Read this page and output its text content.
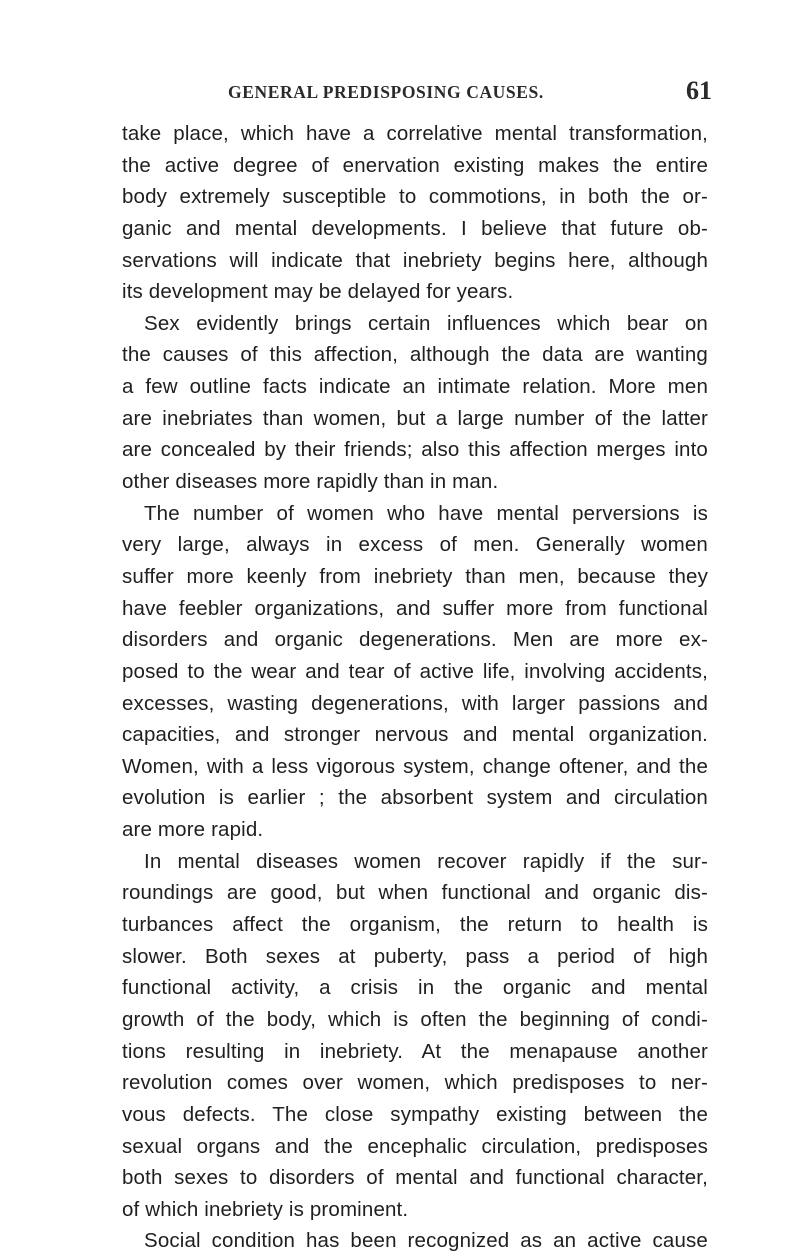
GENERAL PREDISPOSING CAUSES.	61
take place, which have a correlative mental transformation,
the active degree of enervation existing makes the entire
body extremely susceptible to commotions, in both the or-
ganic and mental developments. I believe that future ob-
servations will indicate that inebriety begins here, although
its development may be delayed for years.
Sex evidently brings certain influences which bear on
the causes of this affection, although the data are wanting
a few outline facts indicate an intimate relation. More men
are inebriates than women, but a large number of the latter
are concealed by their friends; also this affection merges into
other diseases more rapidly than in man.
The number of women who have mental perversions is
very large, always in excess of men. Generally women
suffer more keenly from inebriety than men, because they
have feebler organizations, and suffer more from functional
disorders and organic degenerations. Men are more ex-
posed to the wear and tear of active life, involving accidents,
excesses, wasting degenerations, with larger passions and
capacities, and stronger nervous and mental organization.
Women, with a less vigorous system, change oftener, and the
evolution is earlier ; the absorbent system and circulation
are more rapid.
In mental diseases women recover rapidly if the sur-
roundings are good, but when functional and organic dis-
turbances affect the organism, the return to health is
slower. Both sexes at puberty, pass a period of high
functional activity, a crisis in the organic and mental
growth of the body, which is often the beginning of condi-
tions resulting in inebriety. At the menapause another
revolution comes over women, which predisposes to ner-
vous defects. The close sympathy existing between the
sexual organs and the encephalic circulation, predisposes
both sexes to disorders of mental and functional character,
of which inebriety is prominent.
Social condition has been recognized as an active cause
